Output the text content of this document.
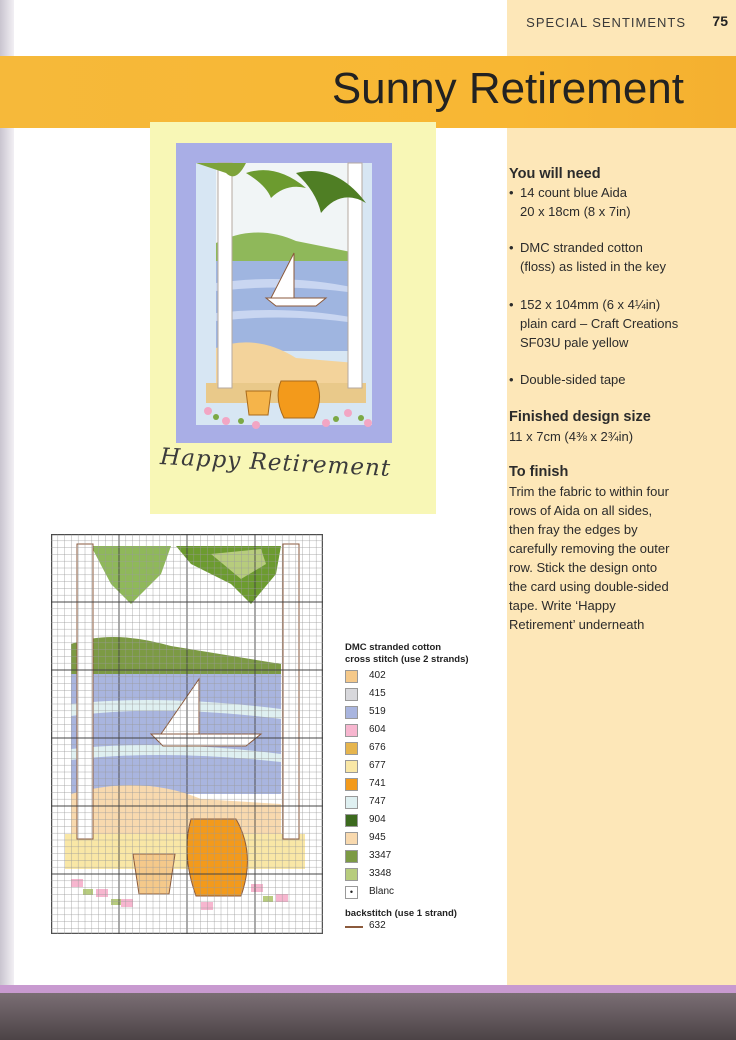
SPECIAL SENTIMENTS 75
Sunny Retirement
Happy Retirement
You will need
• 14 count blue Aida
20 x 18cm (8 x 7in)
• DMC stranded cotton
(floss) as listed in the key
• 152 x 104mm (6 x 4¼in)
plain card – Craft Creations
SF03U pale yellow
• Double-sided tape
Finished design size
11 x 7cm (4⅜ x 2¾in)
To finish
Trim the fabric to within four
rows of Aida on all sides,
then fray the edges by
carefully removing the outer
row. Stick the design onto
the card using double-sided
tape. Write ‘Happy
Retirement’ underneath
DMC stranded cotton
cross stitch (use 2 strands)
402
415
519
604
676
677
741
747
904
945
3347
3348
•	Blanc
backstitch (use 1 strand)
632
